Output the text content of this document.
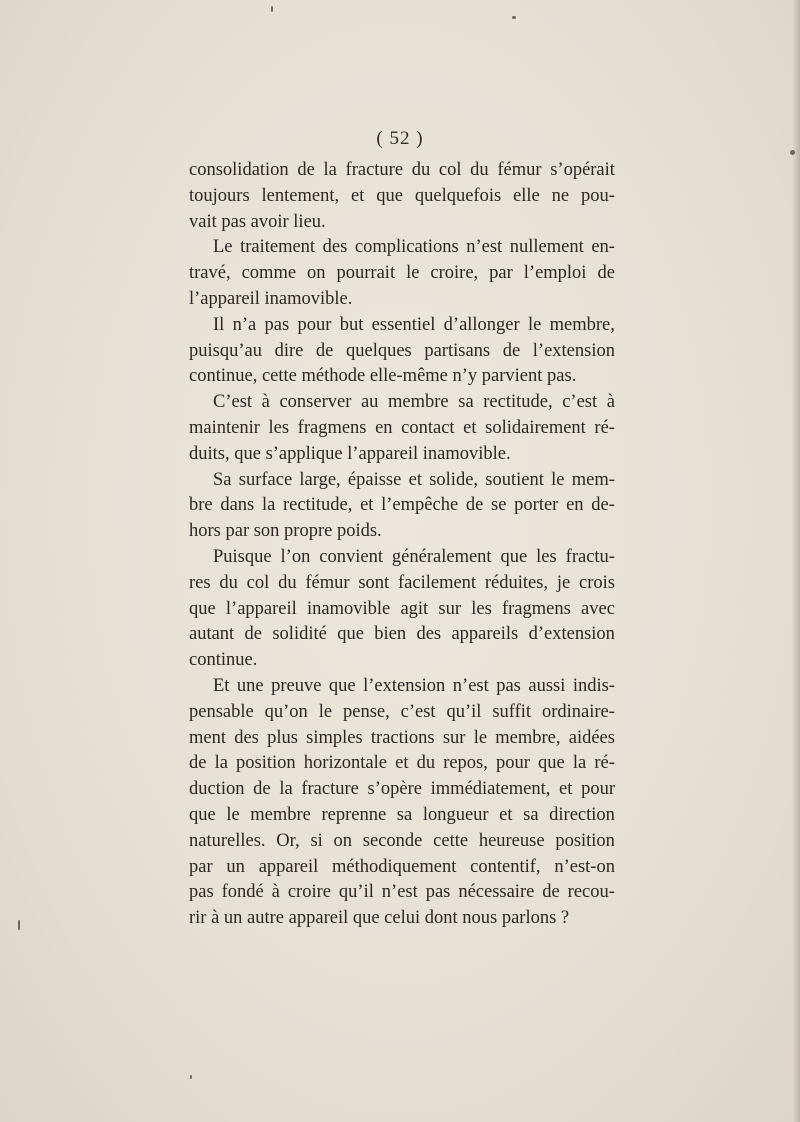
( 52 )
consolidation de la fracture du col du fémur s’opérait
toujours lentement, et que quelquefois elle ne pou-
vait pas avoir lieu.
Le traitement des complications n’est nullement en-
travé, comme on pourrait le croire, par l’emploi de
l’appareil inamovible.
Il n’a pas pour but essentiel d’allonger le membre,
puisqu’au dire de quelques partisans de l’extension
continue, cette méthode elle-même n’y parvient pas.
C’est à conserver au membre sa rectitude, c’est à
maintenir les fragmens en contact et solidairement ré-
duits, que s’applique l’appareil inamovible.
Sa surface large, épaisse et solide, soutient le mem-
bre dans la rectitude, et l’empêche de se porter en de-
hors par son propre poids.
Puisque l’on convient généralement que les fractu-
res du col du fémur sont facilement réduites, je crois
que l’appareil inamovible agit sur les fragmens avec
autant de solidité que bien des appareils d’extension
continue.
Et une preuve que l’extension n’est pas aussi indis-
pensable qu’on le pense, c’est qu’il suffit ordinaire-
ment des plus simples tractions sur le membre, aidées
de la position horizontale et du repos, pour que la ré-
duction de la fracture s’opère immédiatement, et pour
que le membre reprenne sa longueur et sa direction
naturelles. Or, si on seconde cette heureuse position
par un appareil méthodiquement contentif, n’est-on
pas fondé à croire qu’il n’est pas nécessaire de recou-
rir à un autre appareil que celui dont nous parlons ?
